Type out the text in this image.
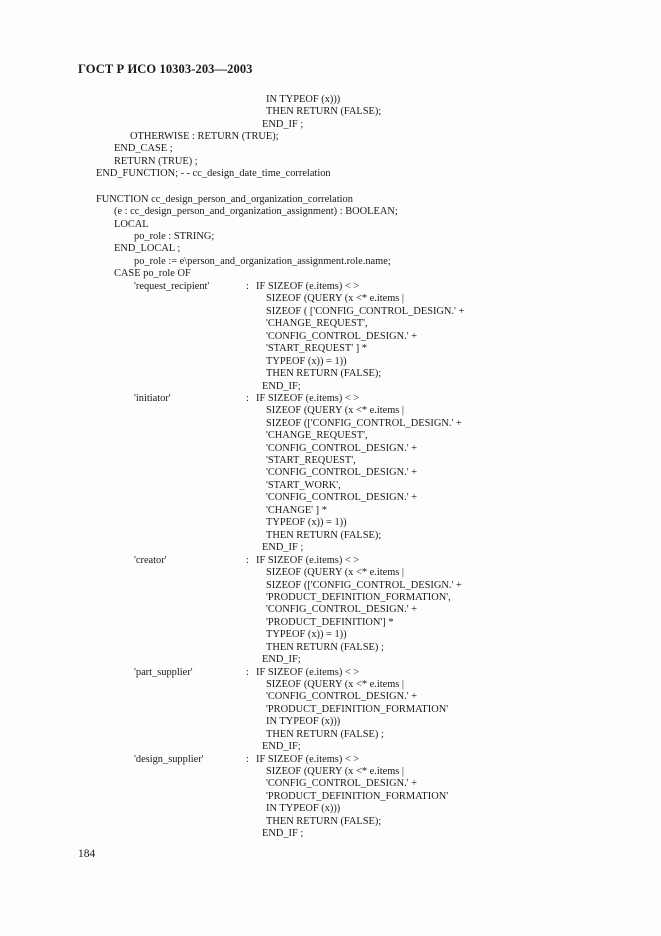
ГОСТ Р ИСО 10303-203—2003
IN TYPEOF (x)))
THEN RETURN (FALSE);
END_IF ;
OTHERWISE : RETURN (TRUE);
END_CASE ;
RETURN (TRUE) ;
END_FUNCTION; - - cc_design_date_time_correlation
FUNCTION cc_design_person_and_organization_correlation
(e : cc_design_person_and_organization_assignment) : BOOLEAN;
LOCAL
po_role : STRING;
END_LOCAL ;
po_role := e\person_and_organization_assignment.role.name;
CASE po_role OF
'request_recipient'	: IF SIZEOF (e.items) < >
SIZEOF (QUERY (x <* e.items |
SIZEOF ( ['CONFIG_CONTROL_DESIGN.' +
'CHANGE_REQUEST',
'CONFIG_CONTROL_DESIGN.' +
'START_REQUEST' ] *
TYPEOF (x)) = 1))
THEN RETURN (FALSE);
END_IF;
'initiator'	: IF SIZEOF (e.items) < >
SIZEOF (QUERY (x <* e.items |
SIZEOF (['CONFIG_CONTROL_DESIGN.' +
'CHANGE_REQUEST',
'CONFIG_CONTROL_DESIGN.' +
'START_REQUEST',
'CONFIG_CONTROL_DESIGN.' +
'START_WORK',
'CONFIG_CONTROL_DESIGN.' +
'CHANGE' ] *
TYPEOF (x)) = 1))
THEN RETURN (FALSE);
END_IF ;
'creator'	: IF SIZEOF (e.items) < >
SIZEOF (QUERY (x <* e.items |
SIZEOF (['CONFIG_CONTROL_DESIGN.' +
'PRODUCT_DEFINITION_FORMATION',
'CONFIG_CONTROL_DESIGN.' +
'PRODUCT_DEFINITION'] *
TYPEOF (x)) = 1))
THEN RETURN (FALSE) ;
END_IF;
'part_supplier'	: IF SIZEOF (e.items) < >
SIZEOF (QUERY (x <* e.items |
'CONFIG_CONTROL_DESIGN.' +
'PRODUCT_DEFINITION_FORMATION'
IN TYPEOF (x)))
THEN RETURN (FALSE) ;
END_IF;
'design_supplier'	: IF SIZEOF (e.items) < >
SIZEOF (QUERY (x <* e.items |
'CONFIG_CONTROL_DESIGN.' +
'PRODUCT_DEFINITION_FORMATION'
IN TYPEOF (x)))
THEN RETURN (FALSE);
END_IF ;
184
